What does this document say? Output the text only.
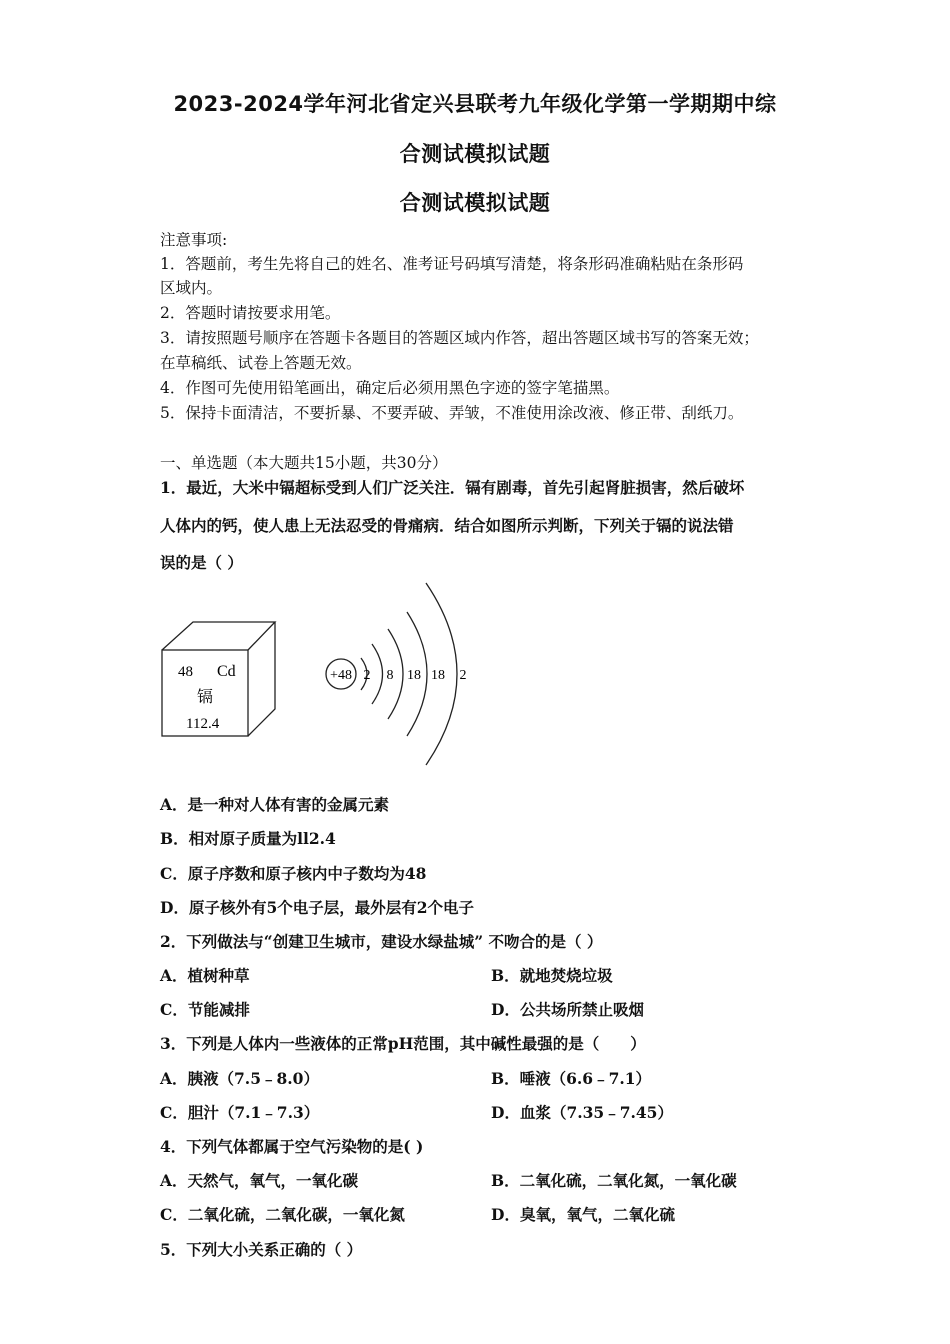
2023-2024学年河北省定兴县联考九年级化学第一学期期中综
合测试模拟试题
合测试模拟试题
注意事项:
1．答题前，考生先将自己的姓名、准考证号码填写清楚，将条形码准确粘贴在条形码
区域内。
2．答题时请按要求用笔。
3．请按照题号顺序在答题卡各题目的答题区域内作答，超出答题区域书写的答案无效；
在草稿纸、试卷上答题无效。
4．作图可先使用铅笔画出，确定后必须用黑色字迹的签字笔描黑。
5．保持卡面清洁，不要折暴、不要弄破、弄皱，不准使用涂改液、修正带、刮纸刀。
一、单选题（本大题共15小题，共30分）
1．最近，大米中镉超标受到人们广泛关注．镉有剧毒，首先引起肾脏损害，然后破坏
人体内的钙，使人患上无法忍受的骨痛病．结合如图所示判断，下列关于镉的说法错
误的是（ ）
48 Cd
镉
112.4
+48 2 8 18 18 2
A．是一种对人体有害的金属元素
B．相对原子质量为ll2.4
C．原子序数和原子核内中子数均为48
D．原子核外有5个电子层，最外层有2个电子
2．下列做法与“创建卫生城市，建设水绿盐城” 不吻合的是（ ）
A．植树种草	B．就地焚烧垃圾
C．节能减排	D．公共场所禁止吸烟
3．下列是人体内一些液体的正常pH范围，其中碱性最强的是（　　）
A．胰液（7.5﹣8.0）	B．唾液（6.6﹣7.1）
C．胆汁（7.1﹣7.3）	D．血浆（7.35﹣7.45）
4．下列气体都属于空气污染物的是( )
A．天然气，氧气，一氧化碳	B．二氧化硫，二氧化氮，一氧化碳
C．二氧化硫，二氧化碳，一氧化氮	D．臭氧，氧气，二氧化硫
5．下列大小关系正确的（ ）
